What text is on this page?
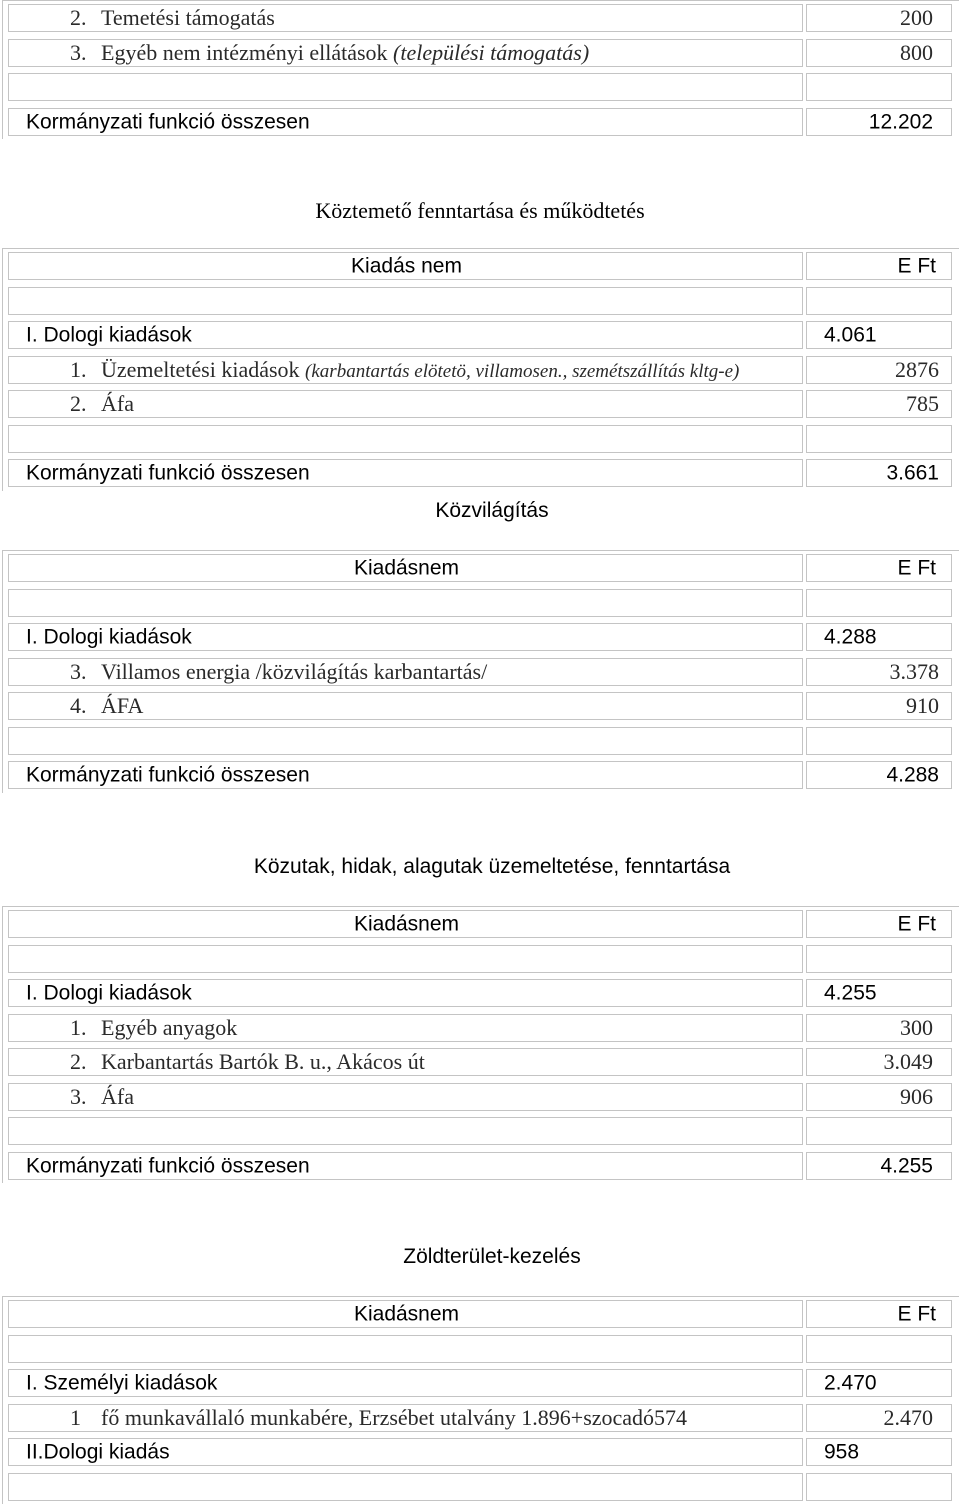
2. Temetési támogatás	200
3. Egyéb nem intézményi ellátások (települési támogatás)	800
Kormányzati funkció összesen	12.202
Köztemető fenntartása és működtetés
Kiadás nem	E Ft
I. Dologi kiadások	4.061
1. Üzemeltetési kiadások (karbantartás elötetö, villamosen., szemétszállítás kltg-e)	2876
2. Áfa	785
Kormányzati funkció összesen	3.661
Közvilágítás
Kiadásnem	E Ft
I. Dologi kiadások	4.288
3. Villamos energia /közvilágítás karbantartás/	3.378
4. ÁFA	910
Kormányzati funkció összesen	4.288
Közutak, hidak, alagutak üzemeltetése, fenntartása
Kiadásnem	E Ft
I. Dologi kiadások	4.255
1. Egyéb anyagok	300
2. Karbantartás Bartók B. u., Akácos út	3.049
3. Áfa	906
Kormányzati funkció összesen	4.255
Zöldterület-kezelés
Kiadásnem	E Ft
I. Személyi kiadások	2.470
1 fő munkavállaló munkabére, Erzsébet utalvány 1.896+szocadó574	2.470
II.Dologi kiadás	958
